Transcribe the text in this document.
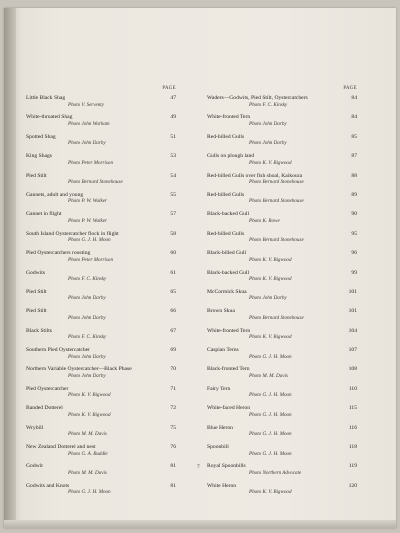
PAGE
Little Black Shag
Photo V. Serventy
47
White-throated Shag
Photo John Warham
49
Spotted Shag
Photo John Darby
51
King Shags
Photo Peter Morrison
53
Pied Stilt
Photo Bernard Stonehouse
54
Gannets, adult and young
Photo P. W. Walker
55
Gannet in flight
Photo P. W. Walker
57
South Island Oystercatcher flock in flight
Photo G. J. H. Moon
58
Pied Oystercatchers roosting
Photo Peter Morrison
60
Godwits
Photo F. C. Kinsky
61
Pied Stilt
Photo John Darby
65
Pied Stilt
Photo John Darby
66
Black Stilts
Photo F. C. Kinsky
67
Southern Pied Oystercatcher
Photo John Darby
69
Northern Variable Oystercatcher—Black Phase
Photo John Darby
70
Pied Oystercatcher
Photo K. V. Bigwood
71
Banded Dotterel
Photo K. V. Bigwood
72
Wrybill
Photo M. M. Davis
75
New Zealand Dotterel and nest
Photo G. A. Buddle
76
Godwit
Photo M. M. Davis
81
Godwits and Knots
Photo G. J. H. Moon
81
PAGE
Waders—Godwits, Pied Stilt, Oystercatchers
Photo F. C. Kinsky
84
White-fronted Tern
Photo John Darby
84
Red-billed Gulls
Photo John Darby
85
Gulls on plough land
Photo K. V. Bigwood
87
Red-billed Gulls over fish shoal, Kaikoura
Photo Bernard Stonehouse
88
Red-billed Gulls
Photo Bernard Stonehouse
89
Black-backed Gull
Photo K. Rowe
90
Red-billed Gulls
Photo Bernard Stonehouse
95
Black-billed Gull
Photo K. V. Bigwood
96
Black-backed Gull
Photo K. V. Bigwood
99
McCormick Skua
Photo John Darby
101
Brown Skua
Photo Bernard Stonehouse
101
White-fronted Tern
Photo K. V. Bigwood
104
Caspian Terns
Photo G. J. H. Moon
107
Black-fronted Tern
Photo M. M. Davis
108
Fairy Tern
Photo G. J. H. Moon
110
White-faced Heron
Photo G. J. H. Moon
115
Blue Heron
Photo G. J. H. Moon
116
Spoonbill
Photo G. J. H. Moon
118
Royal Spoonbills
Photo Northern Advocate
119
White Heron
Photo K. V. Bigwood
120
7
